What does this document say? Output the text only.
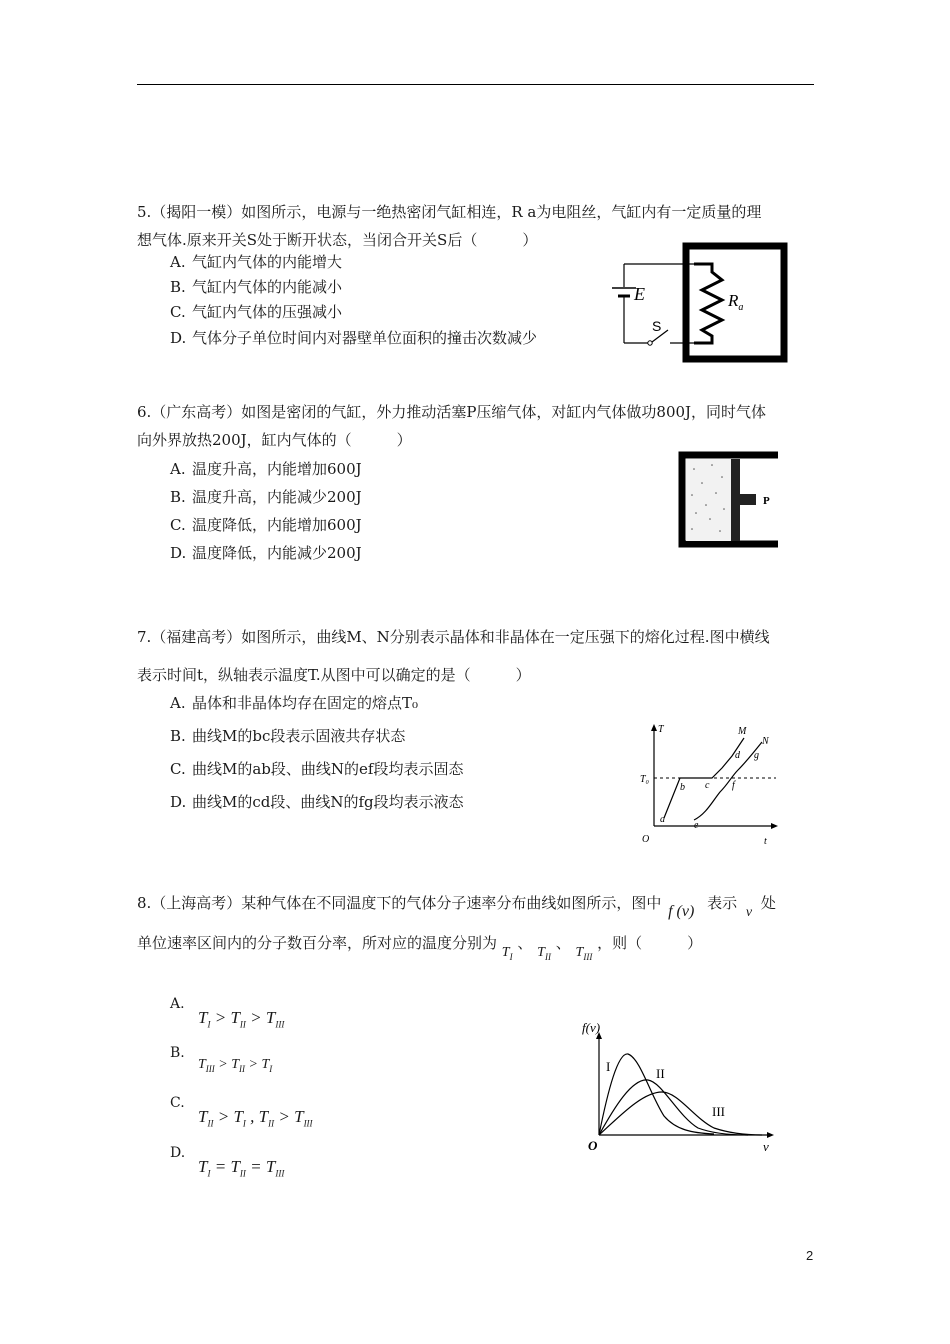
5.（揭阳一模）如图所示，电源与一绝热密闭气缸相连，R a为电阻丝，气缸内有一定质量的理
想气体.原来开关S处于断开状态，当闭合开关S后（　　　）
A. 气缸内气体的内能增大
B. 气缸内气体的内能减小
C. 气缸内气体的压强减小
D. 气体分子单位时间内对器壁单位面积的撞击次数减少
E
S
$R_a$
6.（广东高考）如图是密闭的气缸，外力推动活塞P压缩气体，对缸内气体做功800J，同时气体
向外界放热200J，缸内气体的（　　　）
A. 温度升高，内能增加600J
B. 温度升高，内能减少200J
C. 温度降低，内能增加600J
D. 温度降低，内能减少200J
P
7.（福建高考）如图所示，曲线M、N分别表示晶体和非晶体在一定压强下的熔化过程.图中横线
表示时间t，纵轴表示温度T.从图中可以确定的是（　　　）
A. 晶体和非晶体均存在固定的熔点T₀
B. 曲线M的bc段表示固液共存状态
C. 曲线M的ab段、曲线N的ef段均表示固态
D. 曲线M的cd段、曲线N的fg段均表示液态
T
t
O
T₀
M
N
a
b c
d
e
f
g
8.（上海高考）某种气体在不同温度下的气体分子速率分布曲线如图所示，图中 f (v) 表示 v 处
单位速率区间内的分子数百分率，所对应的温度分别为 $T_I$ 、 $T_{II}$ 、 $T_{III}$ ，则（　　　）
A.
$T_I > T_{II} > T_{III}$
B.
$T_{III} > T_{II} > T_I$
C.
$T_{II} > T_I$ , $T_{II} > T_{III}$
D.
$T_I = T_{II} = T_{III}$
f(v)
v
O
I	II
III
2
